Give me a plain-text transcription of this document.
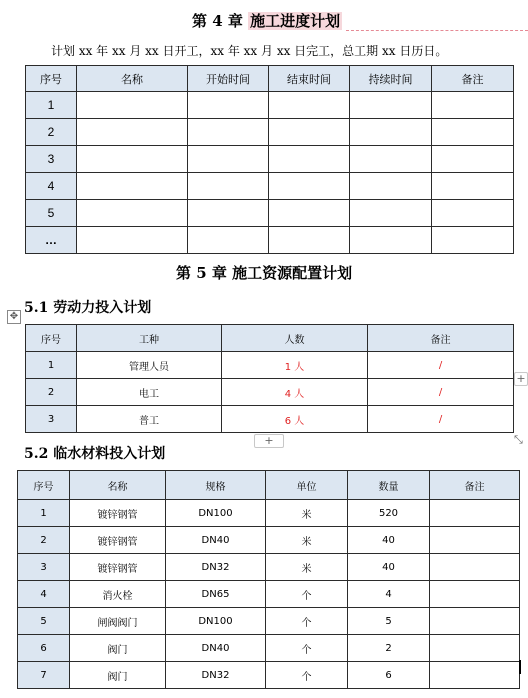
第 4 章 施工进度计划
计划 xx 年 xx 月 xx 日开工，xx 年 xx 月 xx 日完工，总工期 xx 日历日。
序号	名称	开始时间	结束时间	持续时间	备注
1					
2					
3					
4					
5					
…					
第 5 章 施工资源配置计划
5.1 劳动力投入计划
✥
序号	工种	人数	备注
1	管理人员	1 人	/
2	电工	4 人	/
3	普工	6 人	/
+
+	⤡
5.2 临水材料投入计划
序号	名称	规格	单位	数量	备注
1	镀锌钢管	DN100	米	520	
2	镀锌钢管	DN40	米	40	
3	镀锌钢管	DN32	米	40	
4	消火栓	DN65	个	4	
5	闸阀阀门	DN100	个	5	
6	阀门	DN40	个	2	
7	阀门	DN32	个	6	
